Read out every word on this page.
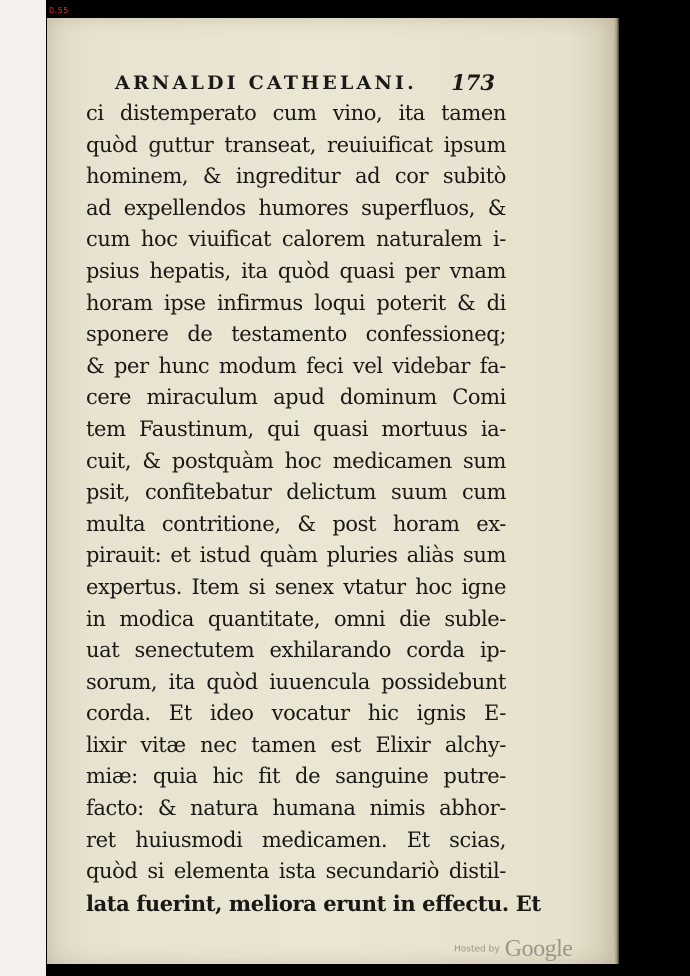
0.55
ARNALDI CATHELANI. 173
ci distemperato cum vino, ita tamen
quòd guttur transeat, reuiuificat ipsum
hominem, & ingreditur ad cor subitò
ad expellendos humores superfluos, &
cum hoc viuificat calorem naturalem i-
psius hepatis, ita quòd quasi per vnam
horam ipse infirmus loqui poterit & di
sponere de testamento confessioneq;
& per hunc modum feci vel videbar fa-
cere miraculum apud dominum Comi
tem Faustinum, qui quasi mortuus ia-
cuit, & postquàm hoc medicamen sum
psit, confitebatur delictum suum cum
multa contritione, & post horam ex-
pirauit: et istud quàm pluries aliàs sum
expertus. Item si senex vtatur hoc igne
in modica quantitate, omni die suble-
uat senectutem exhilarando corda ip-
sorum, ita quòd iuuencula possidebunt
corda. Et ideo vocatur hic ignis E-
lixir vitæ nec tamen est Elixir alchy-
miæ: quia hic fit de sanguine putre-
facto: & natura humana nimis abhor-
ret huiusmodi medicamen. Et scias,
quòd si elementa ista secundariò distil-
lata fuerint, meliora erunt in effectu. Et
Hosted by Google
